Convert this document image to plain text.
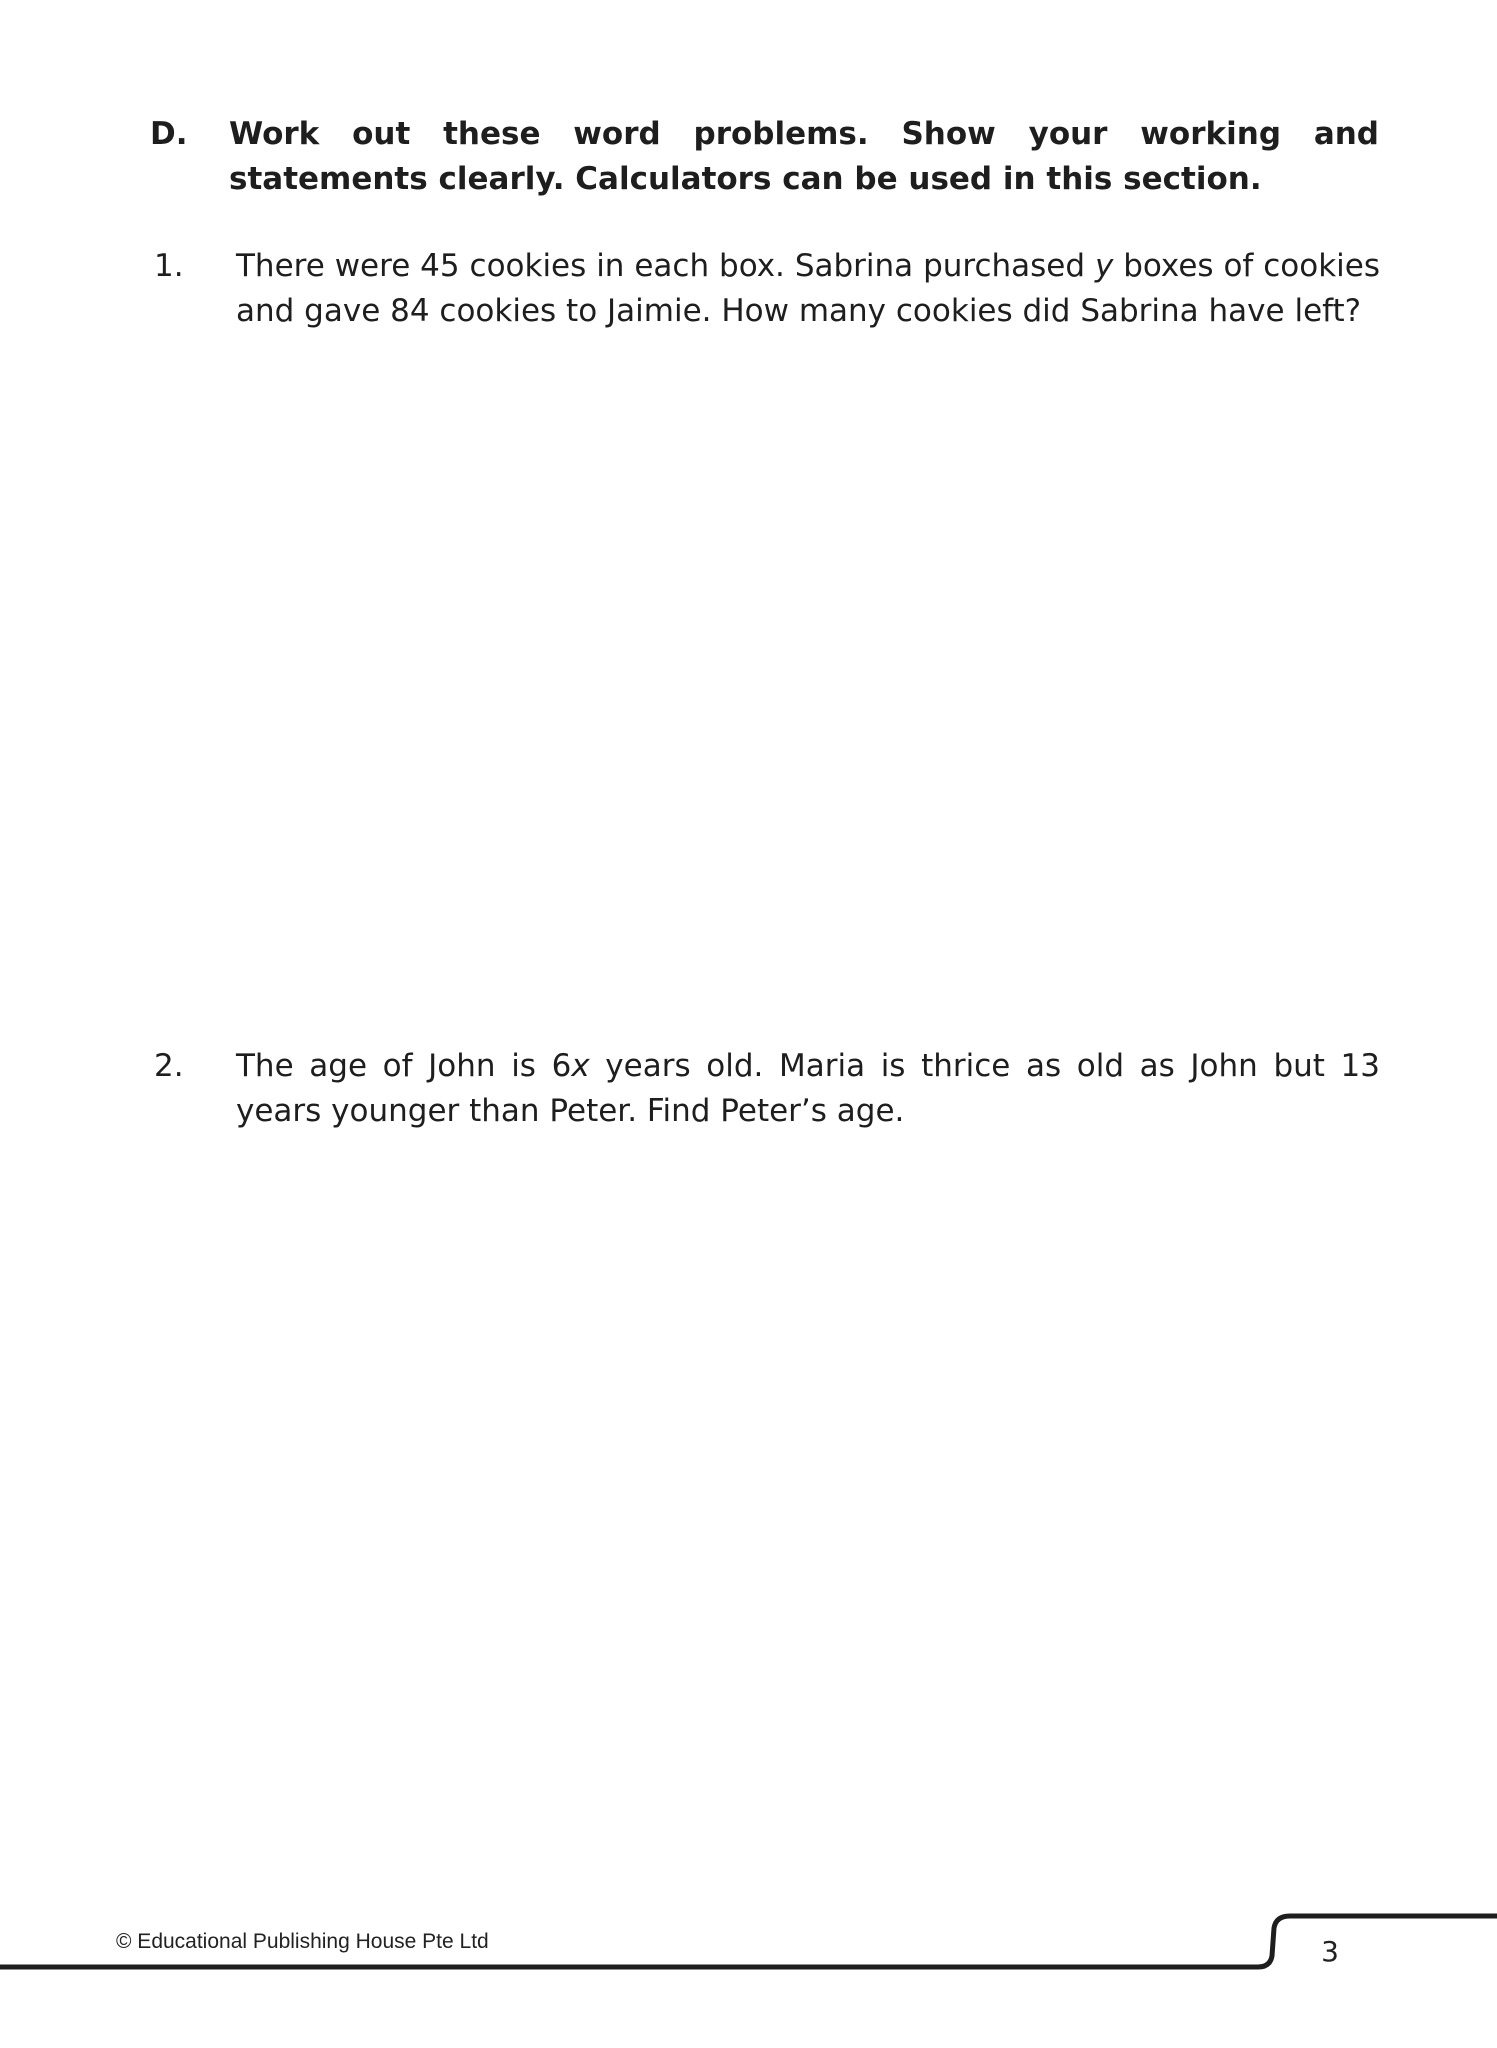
D. Work out these word problems. Show your working and statements clearly. Calculators can be used in this section.
1. There were 45 cookies in each box. Sabrina purchased y boxes of cookies and gave 84 cookies to Jaimie. How many cookies did Sabrina have left?
2. The age of John is 6x years old. Maria is thrice as old as John but 13 years younger than Peter. Find Peter’s age.
© Educational Publishing House Pte Ltd	3
